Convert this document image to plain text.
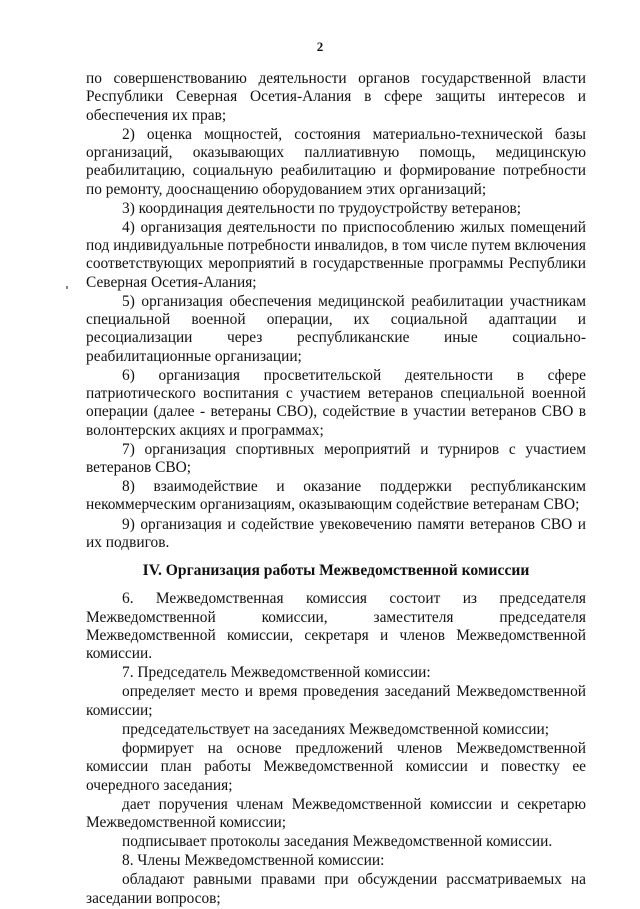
2

по совершенствованию деятельности органов государственной власти Республики Северная Осетия-Алания в сфере защиты интересов и обеспечения их прав;

2) оценка мощностей, состояния материально-технической базы организаций, оказывающих паллиативную помощь, медицинскую реабилитацию, социальную реабилитацию и формирование потребности по ремонту, дооснащению оборудованием этих организаций;

3) координация деятельности по трудоустройству ветеранов;

4) организация деятельности по приспособлению жилых помещений под индивидуальные потребности инвалидов, в том числе путем включения соответствующих мероприятий в государственные программы Республики Северная Осетия-Алания;

5) организация обеспечения медицинской реабилитации участникам специальной военной операции, их социальной адаптации и ресоциализации через республиканские иные социально-реабилитационные организации;

6) организация просветительской деятельности в сфере патриотического воспитания с участием ветеранов специальной военной операции (далее - ветераны СВО), содействие в участии ветеранов СВО в волонтерских акциях и программах;

7) организация спортивных мероприятий и турниров с участием ветеранов СВО;

8) взаимодействие и оказание поддержки республиканским некоммерческим организациям, оказывающим содействие ветеранам СВО;

9) организация и содействие увековечению памяти ветеранов СВО и их подвигов.

IV. Организация работы Межведомственной комиссии

6. Межведомственная комиссия состоит из председателя Межведомственной комиссии, заместителя председателя Межведомственной комиссии, секретаря и членов Межведомственной комиссии.

7. Председатель Межведомственной комиссии:

определяет место и время проведения заседаний Межведомственной комиссии;

председательствует на заседаниях Межведомственной комиссии;

формирует на основе предложений членов Межведомственной комиссии план работы Межведомственной комиссии и повестку ее очередного заседания;

дает поручения членам Межведомственной комиссии и секретарю Межведомственной комиссии;

подписывает протоколы заседания Межведомственной комиссии.

8. Члены Межведомственной комиссии:

обладают равными правами при обсуждении рассматриваемых на заседании вопросов;
